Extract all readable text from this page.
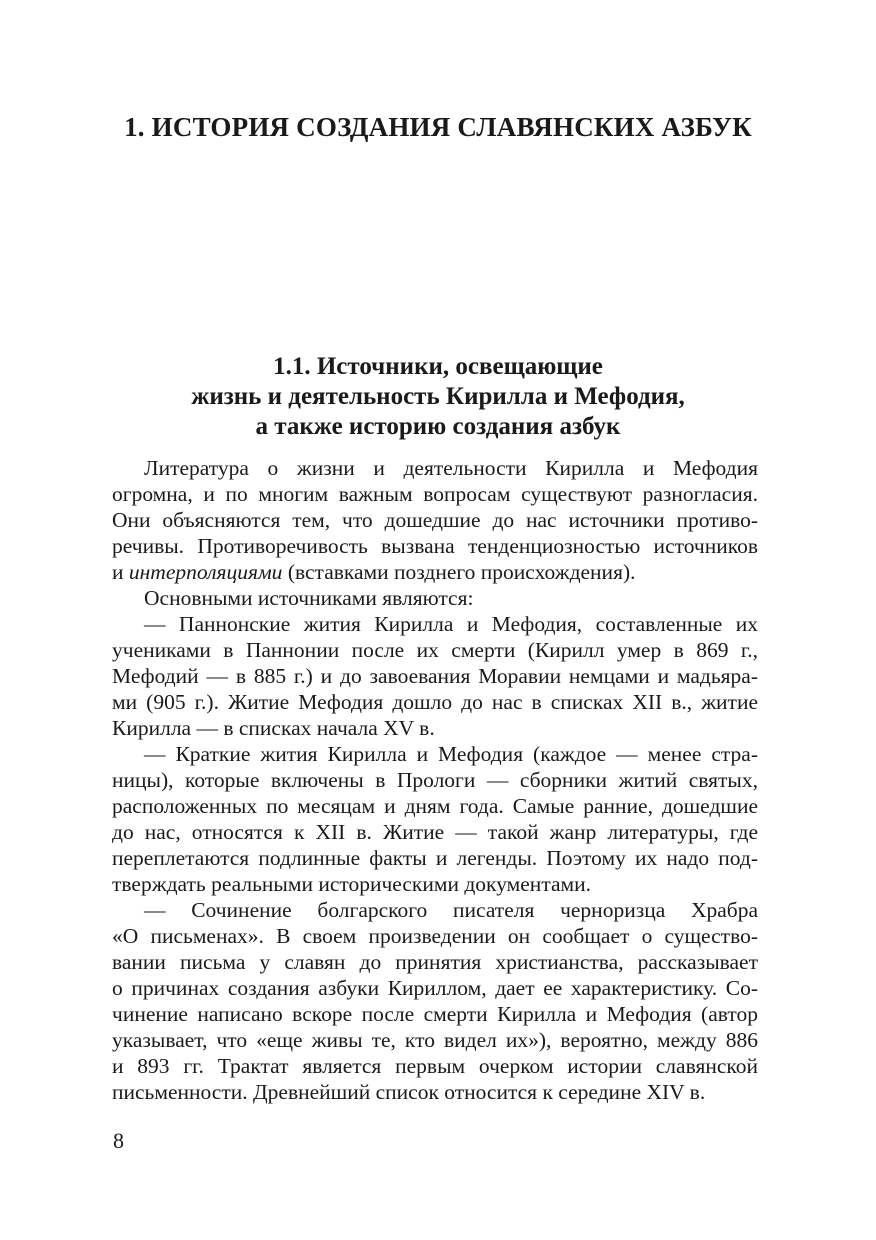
1. ИСТОРИЯ СОЗДАНИЯ СЛАВЯНСКИХ АЗБУК
1.1. Источники, освещающие
жизнь и деятельность Кирилла и Мефодия,
а также историю создания азбук
Литература о жизни и деятельности Кирилла и Мефодия
огромна, и по многим важным вопросам существуют разногласия.
Они объясняются тем, что дошедшие до нас источники противо-
речивы. Противоречивость вызвана тенденциозностью источников
и интерполяциями (вставками позднего происхождения).
Основными источниками являются:
— Паннонские жития Кирилла и Мефодия, составленные их
учениками в Паннонии после их смерти (Кирилл умер в 869 г.,
Мефодий — в 885 г.) и до завоевания Моравии немцами и мадьяра-
ми (905 г.). Житие Мефодия дошло до нас в списках XII в., житие
Кирилла — в списках начала XV в.
— Краткие жития Кирилла и Мефодия (каждое — менее стра-
ницы), которые включены в Прологи — сборники житий святых,
расположенных по месяцам и дням года. Самые ранние, дошедшие
до нас, относятся к XII в. Житие — такой жанр литературы, где
переплетаются подлинные факты и легенды. Поэтому их надо под-
тверждать реальными историческими документами.
— Сочинение болгарского писателя черноризца Храбра
«О письменах». В своем произведении он сообщает о существо-
вании письма у славян до принятия христианства, рассказывает
о причинах создания азбуки Кириллом, дает ее характеристику. Со-
чинение написано вскоре после смерти Кирилла и Мефодия (автор
указывает, что «еще живы те, кто видел их»), вероятно, между 886
и 893 гг. Трактат является первым очерком истории славянской
письменности. Древнейший список относится к середине XIV в.
8
